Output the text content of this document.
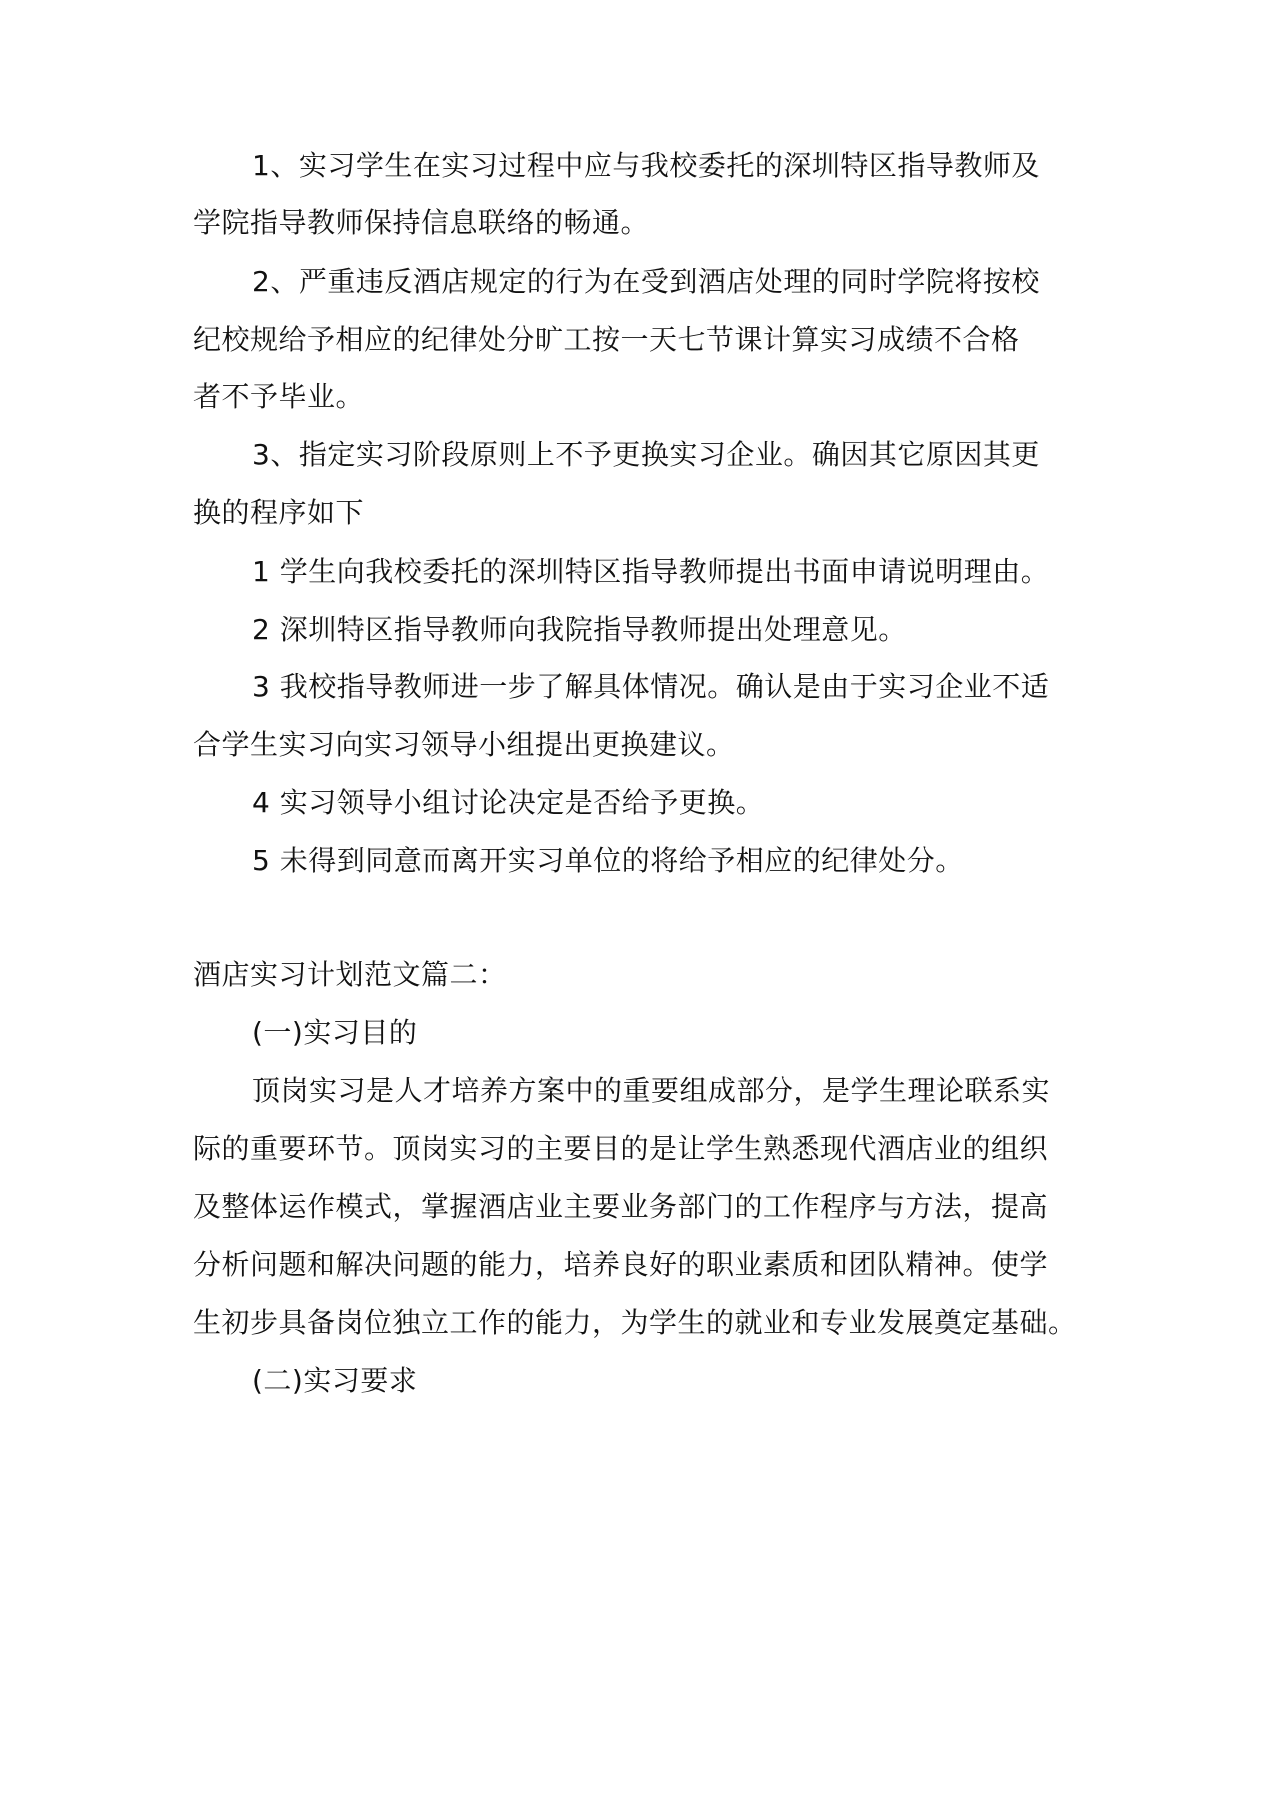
1、实习学生在实习过程中应与我校委托的深圳特区指导教师及
学院指导教师保持信息联络的畅通。
2、严重违反酒店规定的行为在受到酒店处理的同时学院将按校
纪校规给予相应的纪律处分旷工按一天七节课计算实习成绩不合格
者不予毕业。
3、指定实习阶段原则上不予更换实习企业。确因其它原因其更
换的程序如下
1 学生向我校委托的深圳特区指导教师提出书面申请说明理由。
2 深圳特区指导教师向我院指导教师提出处理意见。
3 我校指导教师进一步了解具体情况。确认是由于实习企业不适
合学生实习向实习领导小组提出更换建议。
4 实习领导小组讨论决定是否给予更换。
5 未得到同意而离开实习单位的将给予相应的纪律处分。
酒店实习计划范文篇二：
(一)实习目的
顶岗实习是人才培养方案中的重要组成部分，是学生理论联系实
际的重要环节。顶岗实习的主要目的是让学生熟悉现代酒店业的组织
及整体运作模式，掌握酒店业主要业务部门的工作程序与方法，提高
分析问题和解决问题的能力，培养良好的职业素质和团队精神。使学
生初步具备岗位独立工作的能力，为学生的就业和专业发展奠定基础。
(二)实习要求
